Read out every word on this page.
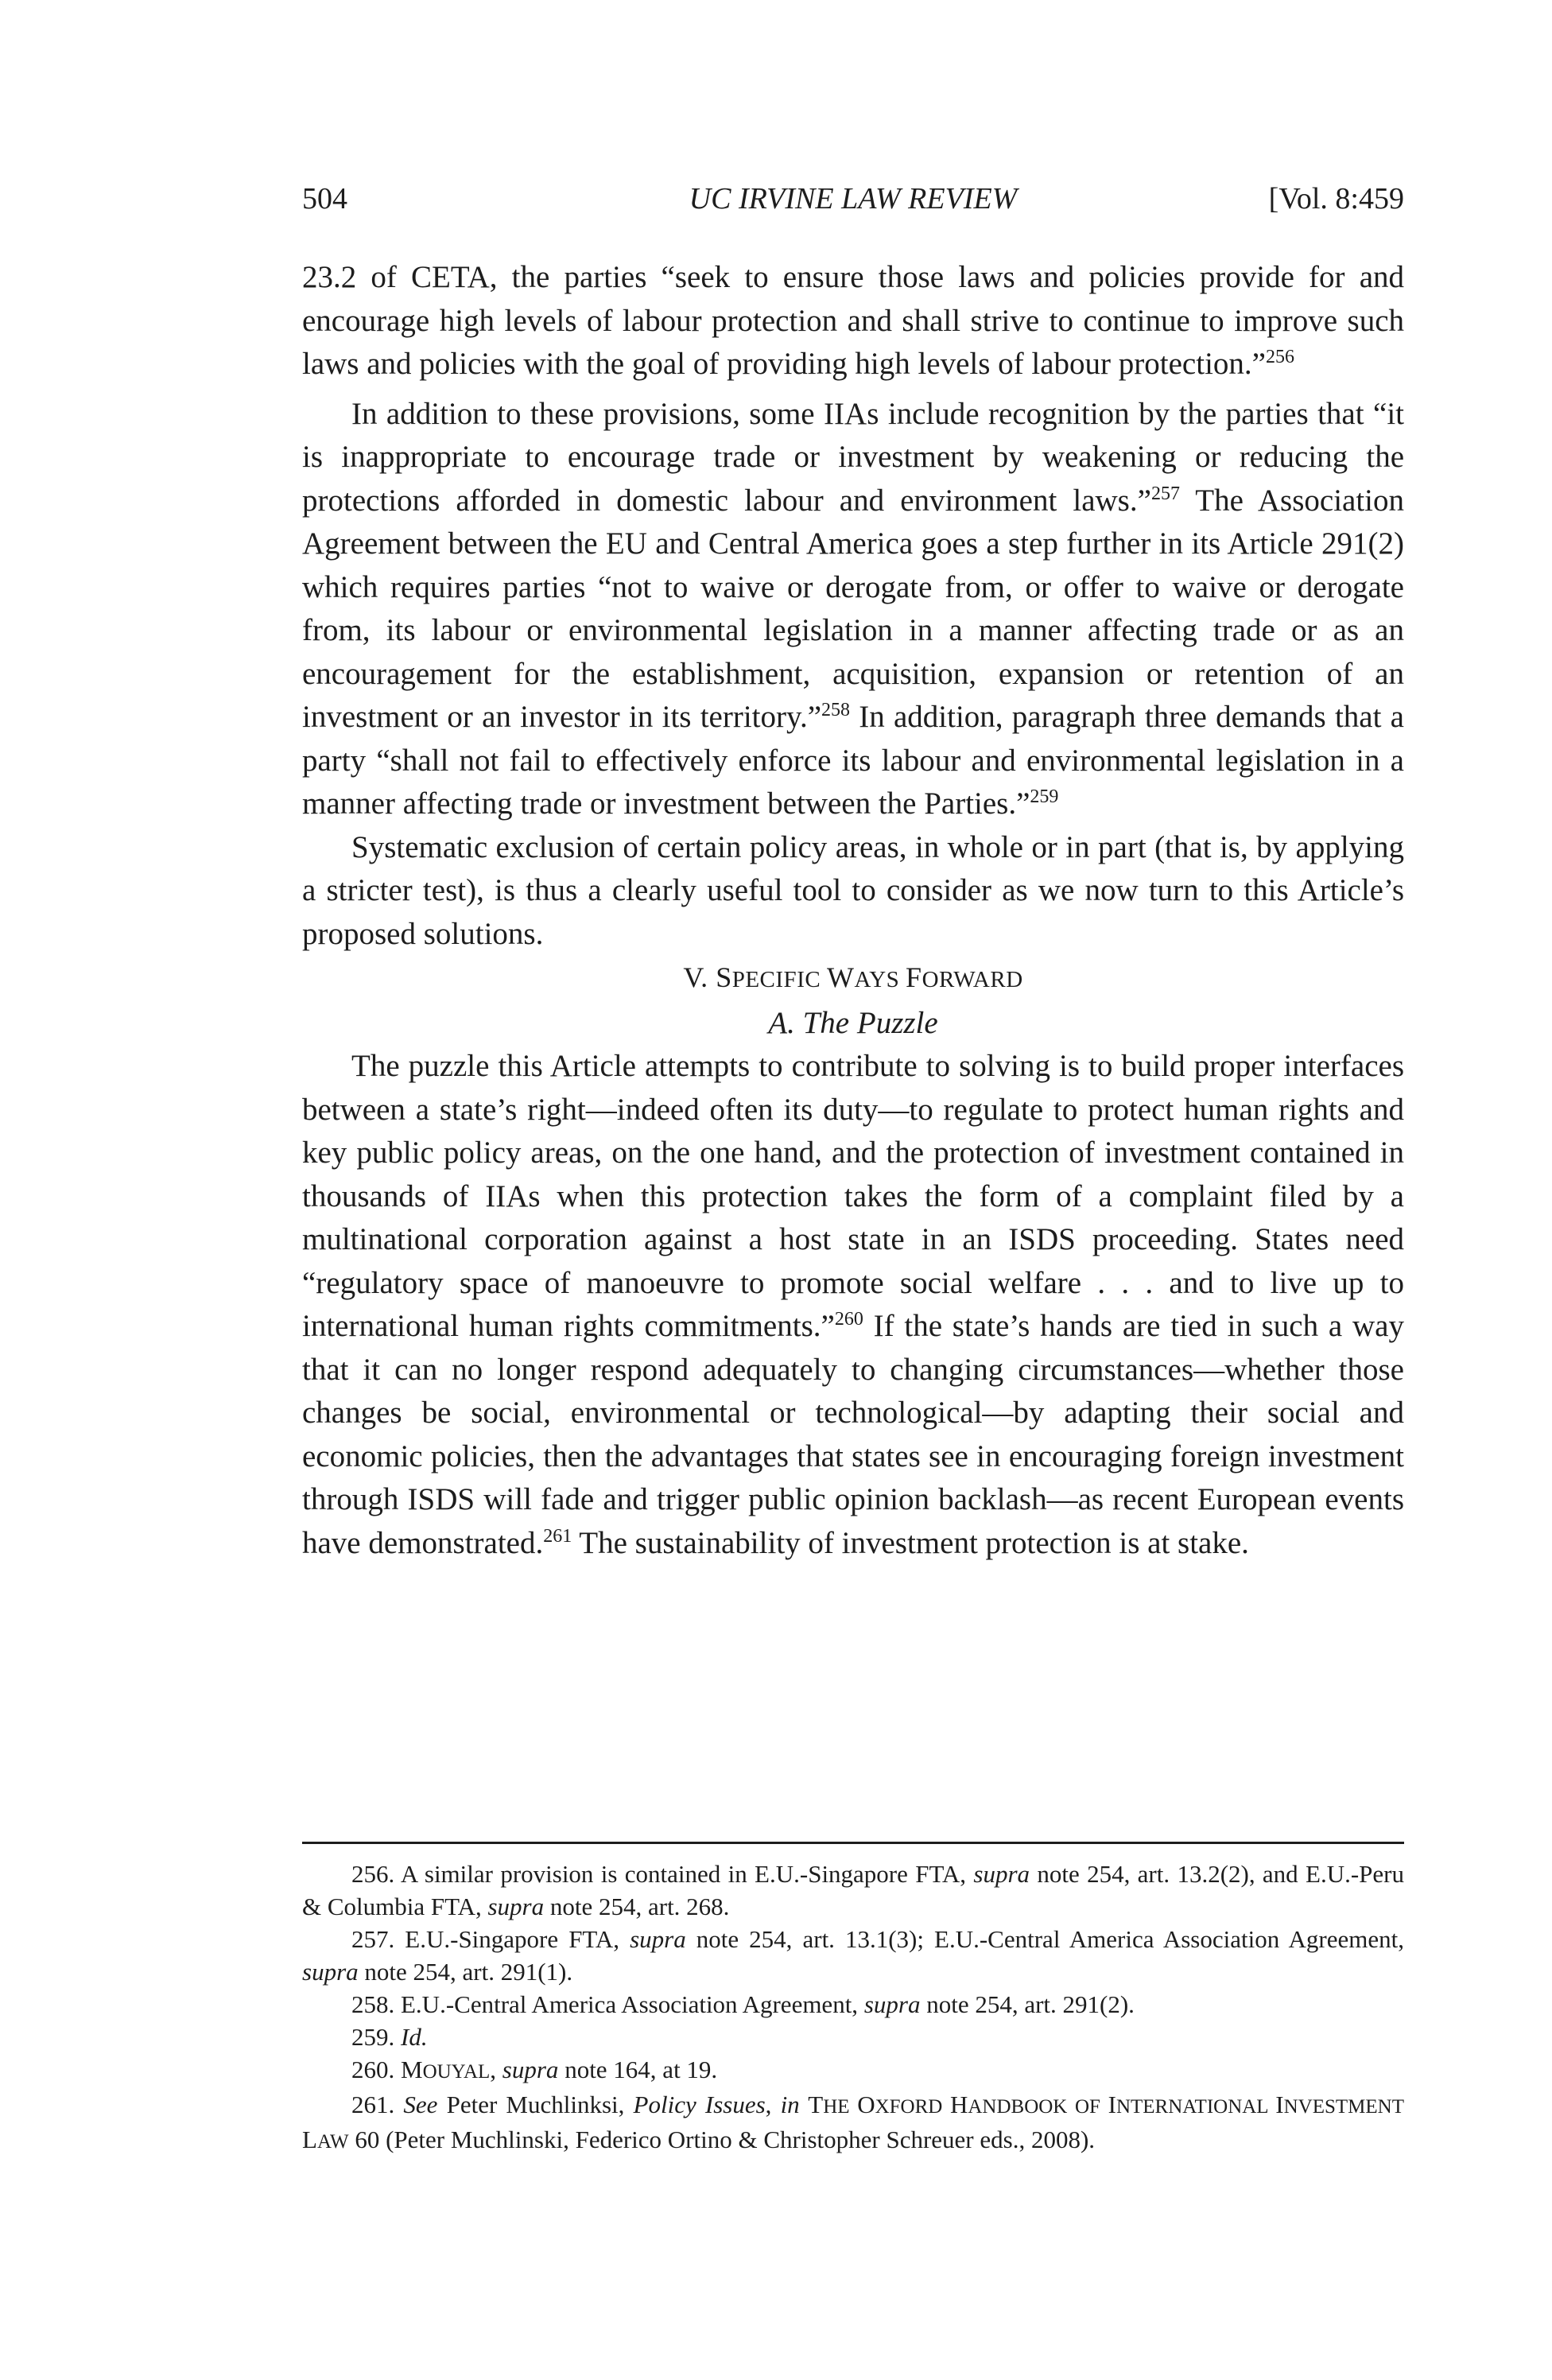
504	UC IRVINE LAW REVIEW	[Vol. 8:459

23.2 of CETA, the parties “seek to ensure those laws and policies provide for and encourage high levels of labour protection and shall strive to continue to improve such laws and policies with the goal of providing high levels of labour protection.”$^{256}$

In addition to these provisions, some IIAs include recognition by the parties that “it is inappropriate to encourage trade or investment by weakening or reducing the protections afforded in domestic labour and environment laws.”$^{257}$ The Association Agreement between the EU and Central America goes a step further in its Article 291(2) which requires parties “not to waive or derogate from, or offer to waive or derogate from, its labour or environmental legislation in a manner affecting trade or as an encouragement for the establishment, acquisition, expansion or retention of an investment or an investor in its territory.”$^{258}$ In addition, paragraph three demands that a party “shall not fail to effectively enforce its labour and environmental legislation in a manner affecting trade or investment between the Parties.”$^{259}$

Systematic exclusion of certain policy areas, in whole or in part (that is, by applying a stricter test), is thus a clearly useful tool to consider as we now turn to this Article’s proposed solutions.

V. SPECIFIC WAYS FORWARD

A. The Puzzle

The puzzle this Article attempts to contribute to solving is to build proper interfaces between a state’s right—indeed often its duty—to regulate to protect human rights and key public policy areas, on the one hand, and the protection of investment contained in thousands of IIAs when this protection takes the form of a complaint filed by a multinational corporation against a host state in an ISDS proceeding. States need “regulatory space of manoeuvre to promote social welfare . . . and to live up to international human rights commitments.”$^{260}$ If the state’s hands are tied in such a way that it can no longer respond adequately to changing circumstances—whether those changes be social, environmental or technological—by adapting their social and economic policies, then the advantages that states see in encouraging foreign investment through ISDS will fade and trigger public opinion backlash—as recent European events have demonstrated.$^{261}$ The sustainability of investment protection is at stake.

256. A similar provision is contained in E.U.-Singapore FTA, supra note 254, art. 13.2(2), and E.U.-Peru & Columbia FTA, supra note 254, art. 268.

257. E.U.-Singapore FTA, supra note 254, art. 13.1(3); E.U.-Central America Association Agreement, supra note 254, art. 291(1).

258. E.U.-Central America Association Agreement, supra note 254, art. 291(2).

259. Id.

260. MOUYAL, supra note 164, at 19.

261. See Peter Muchlinksi, Policy Issues, in THE OXFORD HANDBOOK OF INTERNATIONAL INVESTMENT LAW 60 (Peter Muchlinski, Federico Ortino & Christopher Schreuer eds., 2008).
